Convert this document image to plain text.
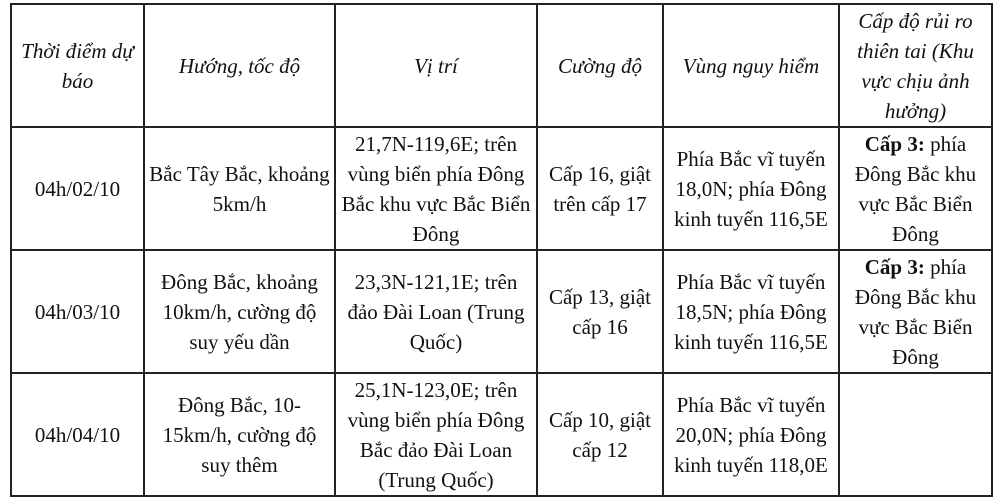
Thời điểm dự báo	Hướng, tốc độ	Vị trí	Cường độ	Vùng nguy hiểm	Cấp độ rủi ro thiên tai (Khu vực chịu ảnh hưởng)
04h/02/10	Bắc Tây Bắc, khoảng 5km/h	21,7N-119,6E; trên vùng biển phía Đông Bắc khu vực Bắc Biển Đông	Cấp 16, giật trên cấp 17	Phía Bắc vĩ tuyến 18,0N; phía Đông kinh tuyến 116,5E	Cấp 3: phía Đông Bắc khu vực Bắc Biển Đông
04h/03/10	Đông Bắc, khoảng 10km/h, cường độ suy yếu dần	23,3N-121,1E; trên đảo Đài Loan (Trung Quốc)	Cấp 13, giật cấp 16	Phía Bắc vĩ tuyến 18,5N; phía Đông kinh tuyến 116,5E	Cấp 3: phía Đông Bắc khu vực Bắc Biển Đông
04h/04/10	Đông Bắc, 10-15km/h, cường độ suy thêm	25,1N-123,0E; trên vùng biển phía Đông Bắc đảo Đài Loan (Trung Quốc)	Cấp 10, giật cấp 12	Phía Bắc vĩ tuyến 20,0N; phía Đông kinh tuyến 118,0E	
